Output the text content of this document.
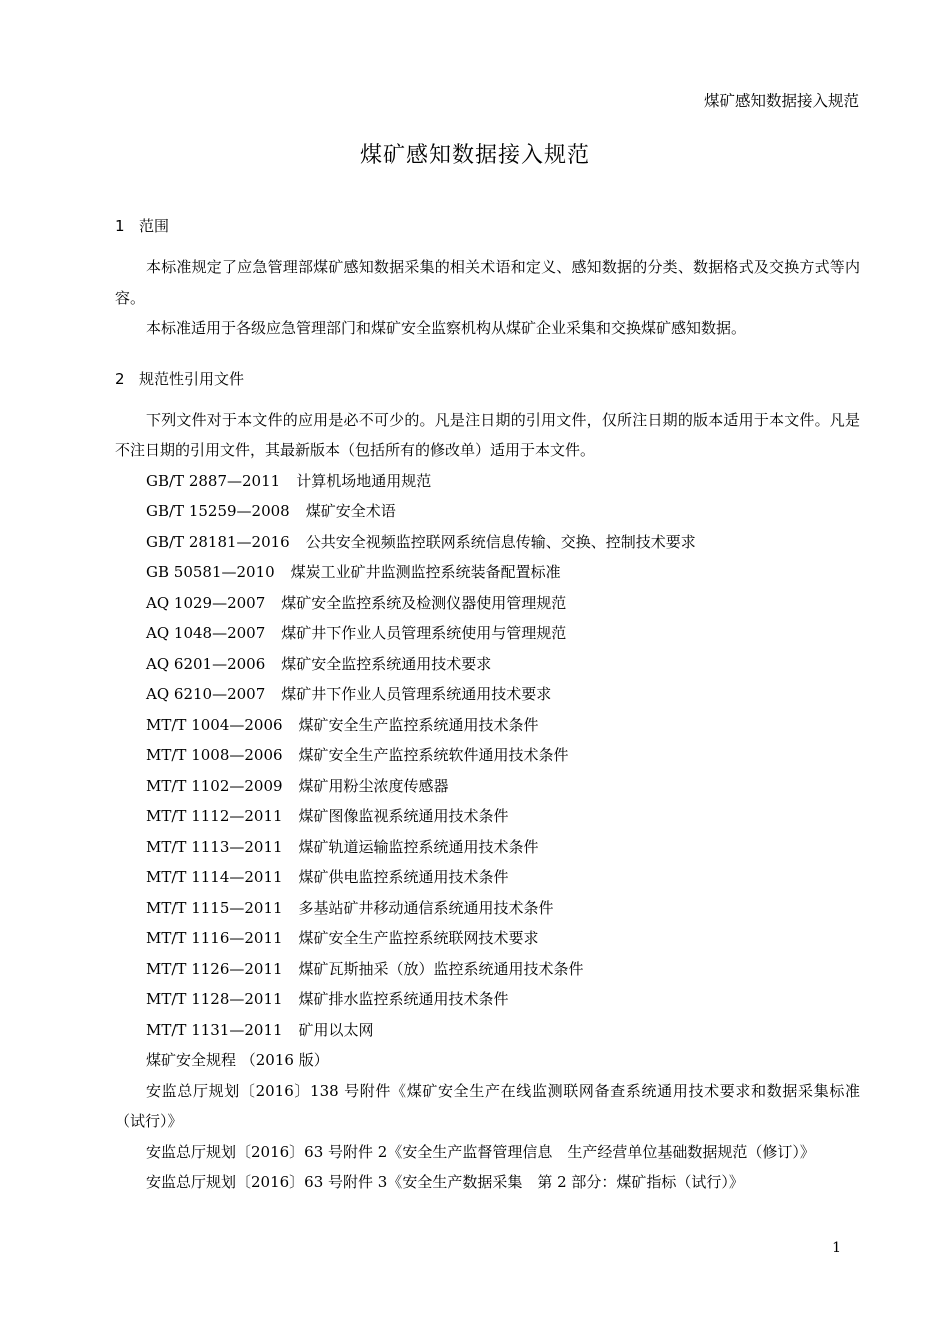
煤矿感知数据接入规范
煤矿感知数据接入规范
1 范围

本标准规定了应急管理部煤矿感知数据采集的相关术语和定义、感知数据的分类、数据格式及交换方式等内容。

本标准适用于各级应急管理部门和煤矿安全监察机构从煤矿企业采集和交换煤矿感知数据。

2 规范性引用文件

下列文件对于本文件的应用是必不可少的。凡是注日期的引用文件，仅所注日期的版本适用于本文件。凡是不注日期的引用文件，其最新版本（包括所有的修改单）适用于本文件。

GB/T 2887—2011 计算机场地通用规范
GB/T 15259—2008 煤矿安全术语
GB/T 28181—2016 公共安全视频监控联网系统信息传输、交换、控制技术要求
GB 50581—2010 煤炭工业矿井监测监控系统装备配置标准
AQ 1029—2007 煤矿安全监控系统及检测仪器使用管理规范
AQ 1048—2007 煤矿井下作业人员管理系统使用与管理规范
AQ 6201—2006 煤矿安全监控系统通用技术要求
AQ 6210—2007 煤矿井下作业人员管理系统通用技术要求
MT/T 1004—2006 煤矿安全生产监控系统通用技术条件
MT/T 1008—2006 煤矿安全生产监控系统软件通用技术条件
MT/T 1102—2009 煤矿用粉尘浓度传感器
MT/T 1112—2011 煤矿图像监视系统通用技术条件
MT/T 1113—2011 煤矿轨道运输监控系统通用技术条件
MT/T 1114—2011 煤矿供电监控系统通用技术条件
MT/T 1115—2011 多基站矿井移动通信系统通用技术条件
MT/T 1116—2011 煤矿安全生产监控系统联网技术要求
MT/T 1126—2011 煤矿瓦斯抽采（放）监控系统通用技术条件
MT/T 1128—2011 煤矿排水监控系统通用技术条件
MT/T 1131—2011 矿用以太网

煤矿安全规程 （2016 版）

安监总厅规划〔2016〕138 号附件《煤矿安全生产在线监测联网备查系统通用技术要求和数据采集标准（试行）》

安监总厅规划〔2016〕63 号附件 2《安全生产监督管理信息　生产经营单位基础数据规范（修订）》

安监总厅规划〔2016〕63 号附件 3《安全生产数据采集　第 2 部分：煤矿指标（试行）》

1
